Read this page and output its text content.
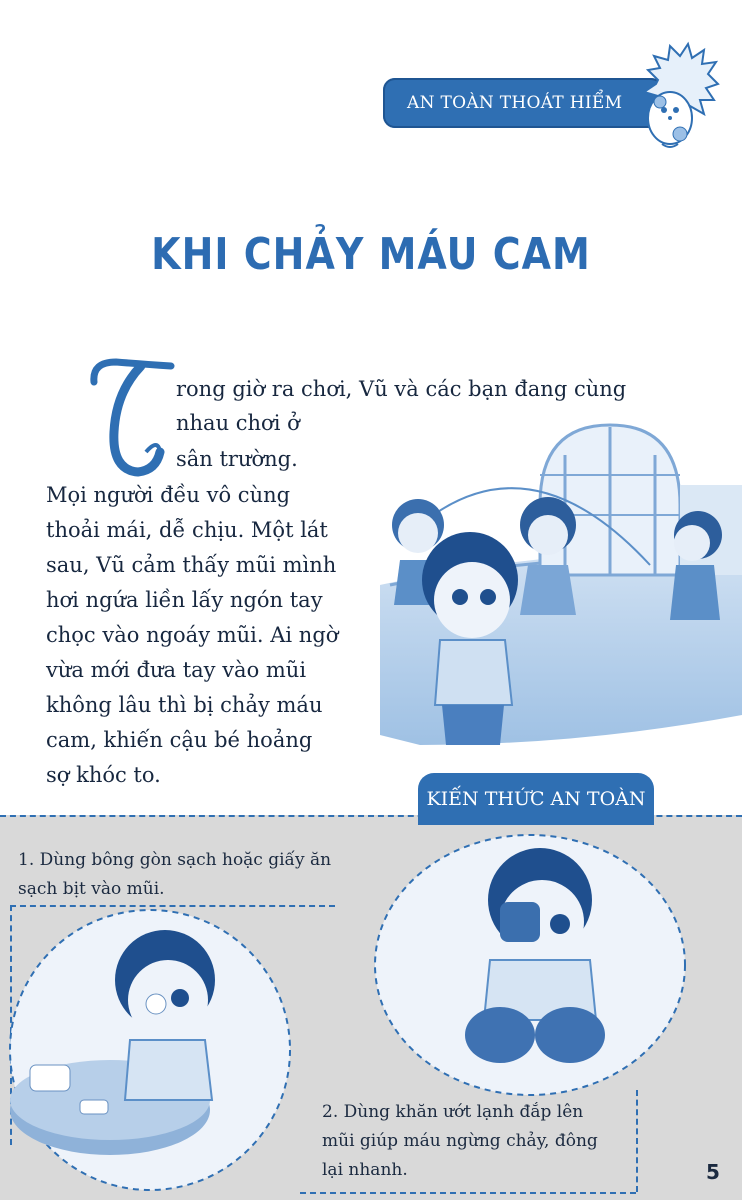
AN TOÀN THOÁT HIỂM
KHI CHẢY MÁU CAM
T
rong giờ ra chơi, Vũ và các bạn đang cùng
nhau chơi ở
sân trường.
Mọi người đều vô cùng
thoải mái, dễ chịu. Một lát
sau, Vũ cảm thấy mũi mình
hơi ngứa liền lấy ngón tay
chọc vào ngoáy mũi. Ai ngờ
vừa mới đưa tay vào mũi
không lâu thì bị chảy máu
cam, khiến cậu bé hoảng
sợ khóc to.
KIẾN THỨC AN TOÀN
1. Dùng bông gòn sạch hoặc giấy ăn
sạch bịt vào mũi.
2. Dùng khăn ướt lạnh đắp lên
mũi giúp máu ngừng chảy, đông
lại nhanh.	5
